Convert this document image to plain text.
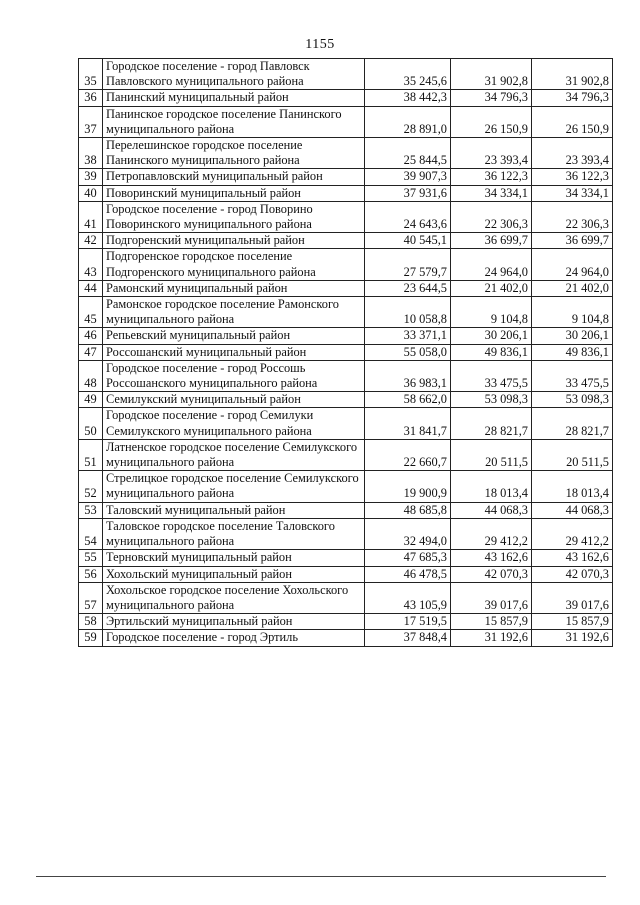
1155
35	Городское поселение - город Павловск Павловского муниципального района	35 245,6	31 902,8	31 902,8
36	Панинский муниципальный район	38 442,3	34 796,3	34 796,3
37	Панинское городское поселение Панинского муниципального района	28 891,0	26 150,9	26 150,9
38	Перелешинское городское поселение Панинского муниципального района	25 844,5	23 393,4	23 393,4
39	Петропавловский муниципальный район	39 907,3	36 122,3	36 122,3
40	Поворинский муниципальный район	37 931,6	34 334,1	34 334,1
41	Городское поселение - город Поворино Поворинского муниципального района	24 643,6	22 306,3	22 306,3
42	Подгоренский муниципальный район	40 545,1	36 699,7	36 699,7
43	Подгоренское городское поселение Подгоренского муниципального района	27 579,7	24 964,0	24 964,0
44	Рамонский муниципальный район	23 644,5	21 402,0	21 402,0
45	Рамонское городское поселение Рамонского муниципального района	10 058,8	9 104,8	9 104,8
46	Репьевский муниципальный район	33 371,1	30 206,1	30 206,1
47	Россошанский муниципальный район	55 058,0	49 836,1	49 836,1
48	Городское поселение - город Россошь Россошанского муниципального района	36 983,1	33 475,5	33 475,5
49	Семилукский муниципальный район	58 662,0	53 098,3	53 098,3
50	Городское поселение - город Семилуки Семилукского муниципального района	31 841,7	28 821,7	28 821,7
51	Латненское городское поселение Семилукского муниципального района	22 660,7	20 511,5	20 511,5
52	Стрелицкое городское поселение Семилукского муниципального района	19 900,9	18 013,4	18 013,4
53	Таловский муниципальный район	48 685,8	44 068,3	44 068,3
54	Таловское городское поселение Таловского муниципального района	32 494,0	29 412,2	29 412,2
55	Терновский муниципальный район	47 685,3	43 162,6	43 162,6
56	Хохольский муниципальный район	46 478,5	42 070,3	42 070,3
57	Хохольское городское поселение Хохольского муниципального района	43 105,9	39 017,6	39 017,6
58	Эртильский муниципальный район	17 519,5	15 857,9	15 857,9
59	Городское поселение - город Эртиль	37 848,4	31 192,6	31 192,6
